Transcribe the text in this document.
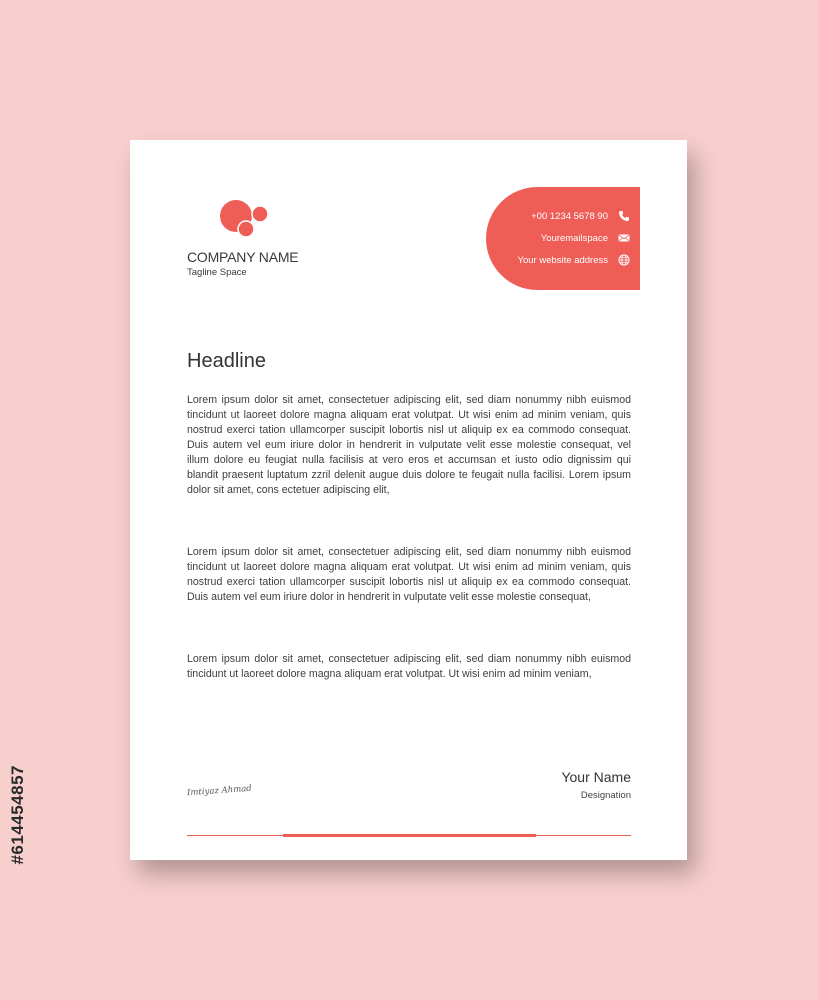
#614454857
COMPANY NAME
Tagline Space
+00 1234 5678 90
Youremailspace
Your website address
Headline

Lorem ipsum dolor sit amet, consectetuer adipiscing elit, sed diam nonummy nibh euismod tincidunt ut laoreet dolore magna aliquam erat volutpat. Ut wisi enim ad minim veniam, quis nostrud exerci tation ullamcorper suscipit lobortis nisl ut aliquip ex ea commodo consequat. Duis autem vel eum iriure dolor in hendrerit in vulputate velit esse molestie consequat, vel illum dolore eu feugiat nulla facilisis at vero eros et accumsan et iusto odio dignissim qui blandit praesent luptatum zzril delenit augue duis dolore te feugait nulla facilisi. Lorem ipsum dolor sit amet, cons ectetuer adipiscing elit,

Lorem ipsum dolor sit amet, consectetuer adipiscing elit, sed diam nonummy nibh euismod tincidunt ut laoreet dolore magna aliquam erat volutpat. Ut wisi enim ad minim veniam, quis nostrud exerci tation ullamcorper suscipit lobortis nisl ut aliquip ex ea commodo consequat. Duis autem vel eum iriure dolor in hendrerit in vulputate velit esse molestie consequat,

Lorem ipsum dolor sit amet, consectetuer adipiscing elit, sed diam nonummy nibh euismod tincidunt ut laoreet dolore magna aliquam erat volutpat. Ut wisi enim ad minim veniam,

Imtiyaz Ahmad
Your Name
Designation
